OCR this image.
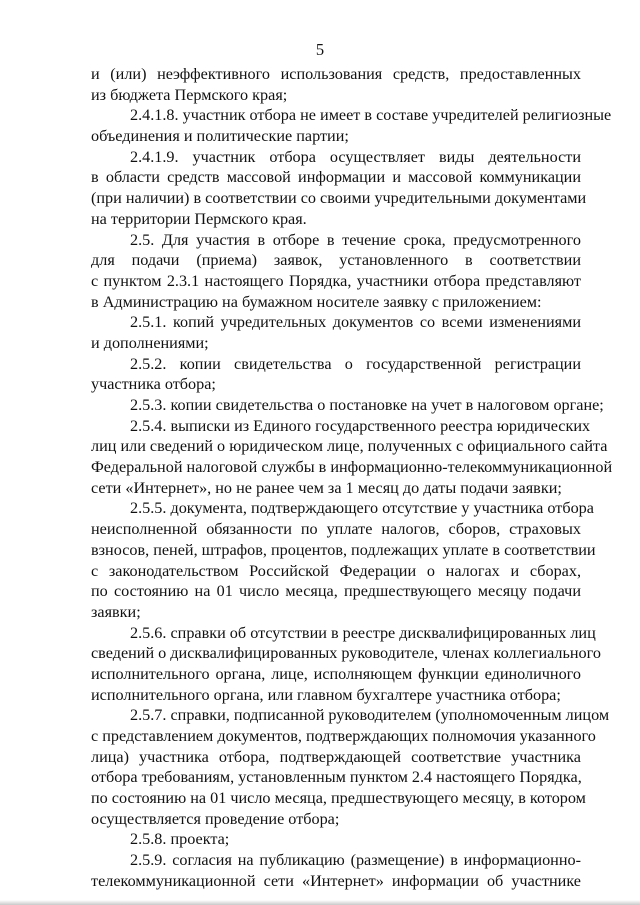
5
и (или) неэффективного использования средств, предоставленных
из бюджета Пермского края;
2.4.1.8. участник отбора не имеет в составе учредителей религиозные
объединения и политические партии;
2.4.1.9. участник отбора осуществляет виды деятельности
в области средств массовой информации и массовой коммуникации
(при наличии) в соответствии со своими учредительными документами
на территории Пермского края.
2.5. Для участия в отборе в течение срока, предусмотренного
для подачи (приема) заявок, установленного в соответствии
с пунктом 2.3.1 настоящего Порядка, участники отбора представляют
в Администрацию на бумажном носителе заявку с приложением:
2.5.1. копий учредительных документов со всеми изменениями
и дополнениями;
2.5.2. копии свидетельства о государственной регистрации
участника отбора;
2.5.3. копии свидетельства о постановке на учет в налоговом органе;
2.5.4. выписки из Единого государственного реестра юридических
лиц или сведений о юридическом лице, полученных с официального сайта
Федеральной налоговой службы в информационно-телекоммуникационной
сети «Интернет», но не ранее чем за 1 месяц до даты подачи заявки;
2.5.5. документа, подтверждающего отсутствие у участника отбора
неисполненной обязанности по уплате налогов, сборов, страховых
взносов, пеней, штрафов, процентов, подлежащих уплате в соответствии
с законодательством Российской Федерации о налогах и сборах,
по состоянию на 01 число месяца, предшествующего месяцу подачи
заявки;
2.5.6. справки об отсутствии в реестре дисквалифицированных лиц
сведений о дисквалифицированных руководителе, членах коллегиального
исполнительного органа, лице, исполняющем функции единоличного
исполнительного органа, или главном бухгалтере участника отбора;
2.5.7. справки, подписанной руководителем (уполномоченным лицом
с представлением документов, подтверждающих полномочия указанного
лица) участника отбора, подтверждающей соответствие участника
отбора требованиям, установленным пунктом 2.4 настоящего Порядка,
по состоянию на 01 число месяца, предшествующего месяцу, в котором
осуществляется проведение отбора;
2.5.8. проекта;
2.5.9. согласия на публикацию (размещение) в информационно-
телекоммуникационной сети «Интернет» информации об участнике
